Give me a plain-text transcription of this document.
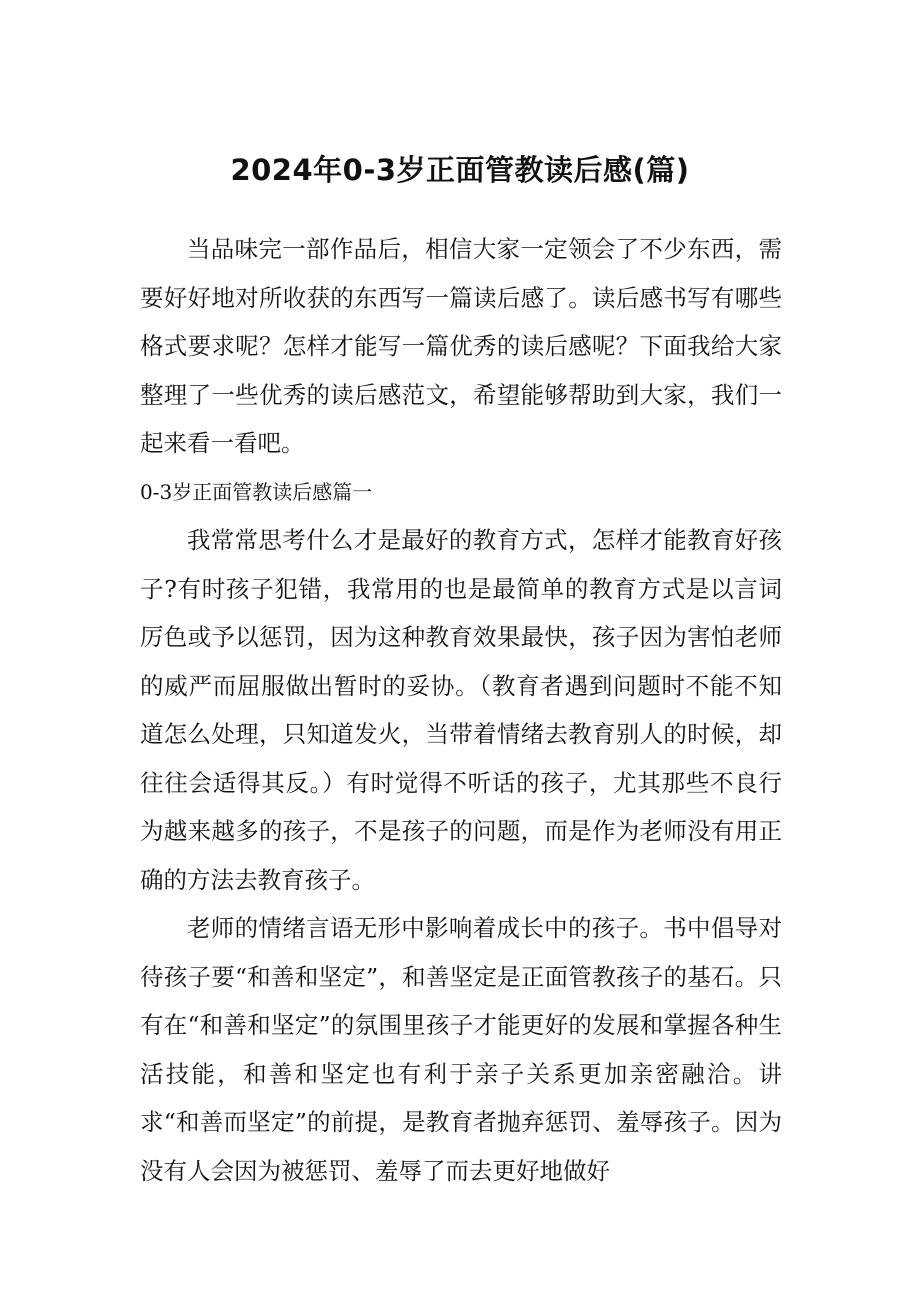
2024年0-3岁正面管教读后感(篇)

当品味完一部作品后，相信大家一定领会了不少东西，需要好好地对所收获的东西写一篇读后感了。读后感书写有哪些格式要求呢？怎样才能写一篇优秀的读后感呢？下面我给大家整理了一些优秀的读后感范文，希望能够帮助到大家，我们一起来看一看吧。

0-3岁正面管教读后感篇一

我常常思考什么才是最好的教育方式，怎样才能教育好孩子?有时孩子犯错，我常用的也是最简单的教育方式是以言词厉色或予以惩罚，因为这种教育效果最快，孩子因为害怕老师的威严而屈服做出暂时的妥协。（教育者遇到问题时不能不知道怎么处理，只知道发火，当带着情绪去教育别人的时候，却往往会适得其反。）有时觉得不听话的孩子，尤其那些不良行为越来越多的孩子，不是孩子的问题，而是作为老师没有用正确的方法去教育孩子。

老师的情绪言语无形中影响着成长中的孩子。书中倡导对待孩子要“和善和坚定”，和善坚定是正面管教孩子的基石。只有在“和善和坚定”的氛围里孩子才能更好的发展和掌握各种生活技能，和善和坚定也有利于亲子关系更加亲密融洽。讲求“和善而坚定”的前提，是教育者抛弃惩罚、羞辱孩子。因为没有人会因为被惩罚、羞辱了而去更好地做好
